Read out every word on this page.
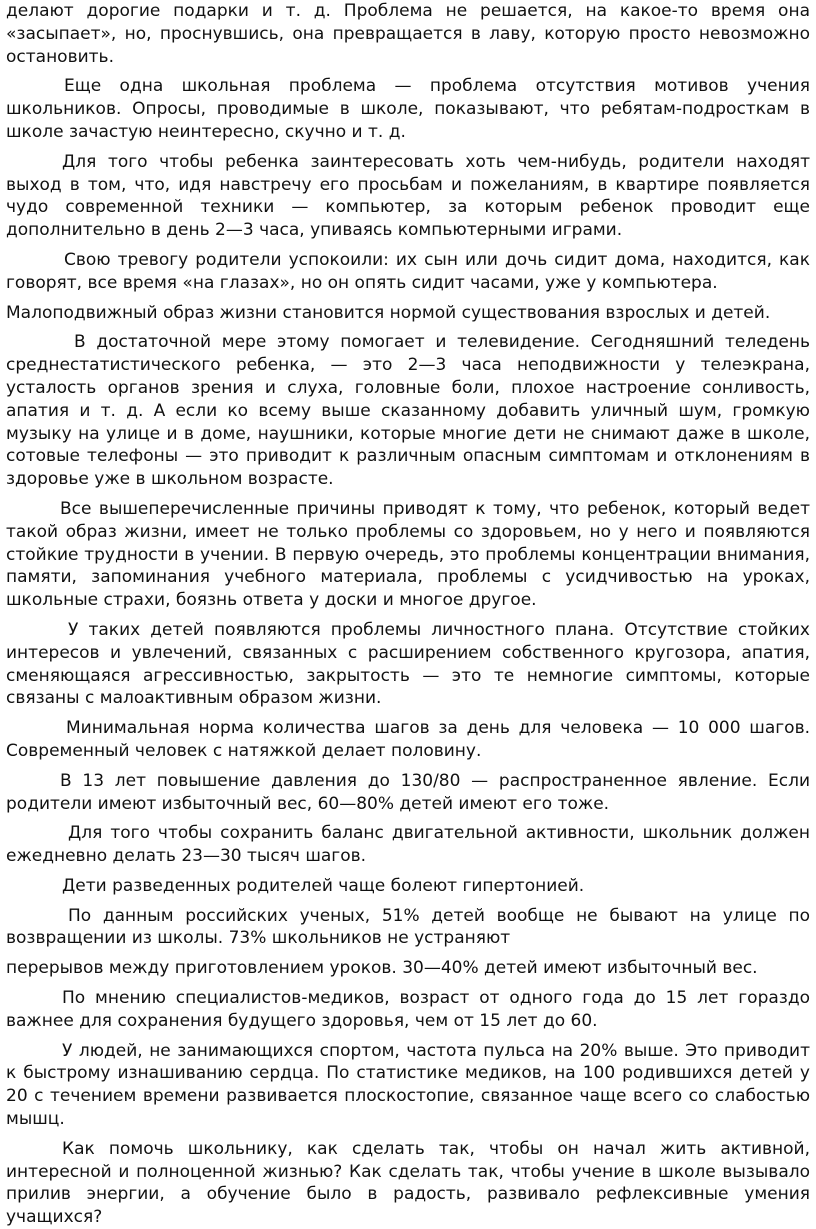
делают дорогие подарки и т. д. Проблема не решается, на какое-то время она «засыпает», но, проснувшись, она превращается в лаву, которую просто невозможно остановить.

Еще одна школьная проблема — проблема отсутствия мотивов учения школьников. Опросы, проводимые в школе, показывают, что ребятам-подросткам в школе зачастую неинтересно, скучно и т. д.

Для того чтобы ребенка заинтересовать хоть чем-нибудь, родители находят выход в том, что, идя навстречу его просьбам и пожеланиям, в квартире появляется чудо современной техники — компьютер, за которым ребенок проводит еще дополнительно в день 2—3 часа, упиваясь компьютерными играми.

Свою тревогу родители успокоили: их сын или дочь сидит дома, находится, как говорят, все время «на глазах», но он опять сидит часами, уже у компьютера.

Малоподвижный образ жизни становится нормой существования взрослых и детей.

В достаточной мере этому помогает и телевидение. Сегодняшний теледень среднестатистического ребенка, — это 2—3 часа неподвижности у телеэкрана, усталость органов зрения и слуха, головные боли, плохое настроение сонливость, апатия и т. д. А если ко всему выше сказанному добавить уличный шум, громкую музыку на улице и в доме, наушники, которые многие дети не снимают даже в школе, сотовые телефоны — это приводит к различным опасным симптомам и отклонениям в здоровье уже в школьном возрасте.

Все вышеперечисленные причины приводят к тому, что ребенок, который ведет такой образ жизни, имеет не только проблемы со здоровьем, но у него и появляются стойкие трудности в учении. В первую очередь, это проблемы концентрации внимания, памяти, запоминания учебного материала, проблемы с усидчивостью на уроках, школьные страхи, боязнь ответа у доски и многое другое.

У таких детей появляются проблемы личностного плана. Отсутствие стойких интересов и увлечений, связанных с расширением собственного кругозора, апатия, сменяющаяся агрессивностью, закрытость — это те немногие симптомы, которые связаны с малоактивным образом жизни.

Минимальная норма количества шагов за день для человека — 10 000 шагов. Современный человек с натяжкой делает половину.

В 13 лет повышение давления до 130/80 — распространенное явление. Если родители имеют избыточный вес, 60—80% детей имеют его тоже.

Для того чтобы сохранить баланс двигательной активности, школьник должен ежедневно делать 23—30 тысяч шагов.

Дети разведенных родителей чаще болеют гипертонией.

По данным российских ученых, 51% детей вообще не бывают на улице по возвращении из школы. 73% школьников не устраняют

перерывов между приготовлением уроков. 30—40% детей имеют избыточный вес.

По мнению специалистов-медиков, возраст от одного года до 15 лет гораздо важнее для сохранения будущего здоровья, чем от 15 лет до 60.

У людей, не занимающихся спортом, частота пульса на 20% выше. Это приводит к быстрому изнашиванию сердца. По статистике медиков, на 100 родившихся детей у 20 с течением времени развивается плоскостопие, связанное чаще всего со слабостью мышц.

Как помочь школьнику, как сделать так, чтобы он начал жить активной, интересной и полноценной жизнью? Как сделать так, чтобы учение в школе вызывало прилив энергии, а обучение было в радость, развивало рефлексивные умения учащихся?
